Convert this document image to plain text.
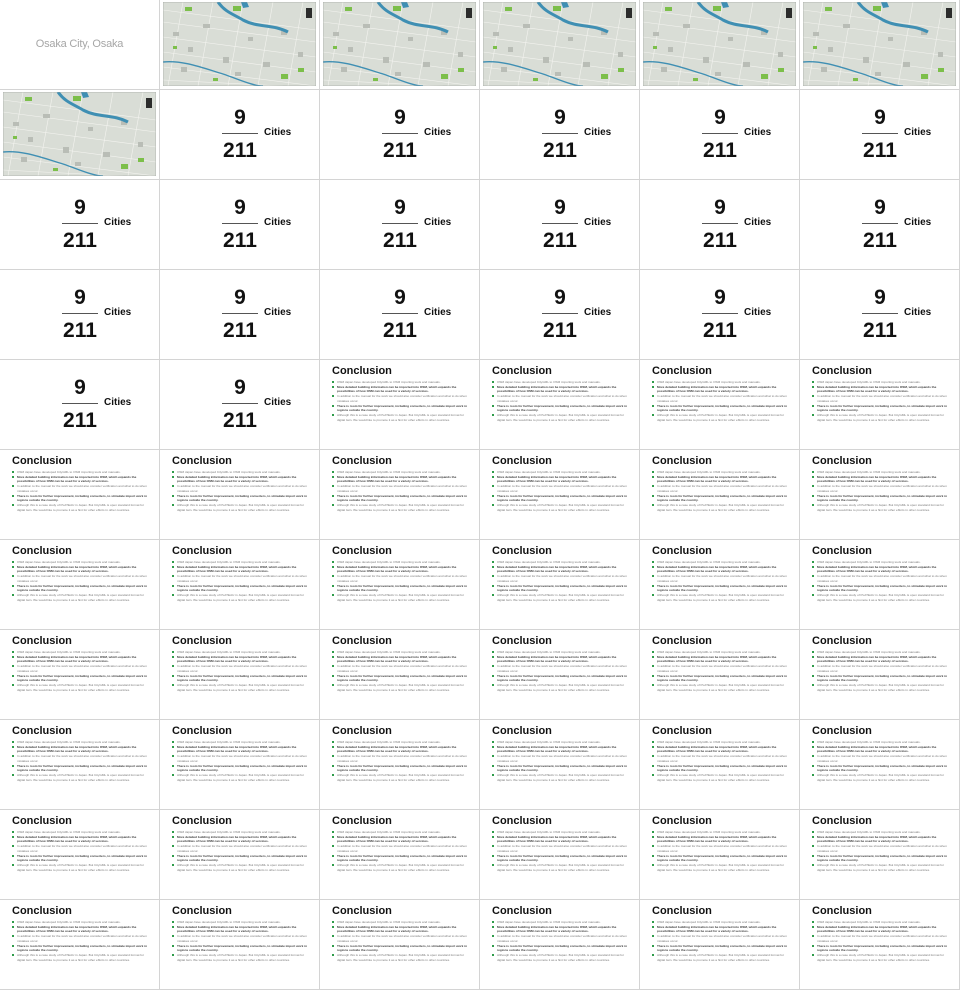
Osaka City, Osaka
9
211
Cities
9
211
Cities
9
211
Cities
9
211
Cities
9
211
Cities
9
211
Cities
9
211
Cities
9
211
Cities
9
211
Cities
9
211
Cities
9
211
Cities
9
211
Cities
9
211
Cities
9
211
Cities
9
211
Cities
9
211
Cities
9
211
Cities
9
211
Cities
9
211
Cities
Conclusion
OSM Japan have developed CityGML to OSM importing tools and manuals.
More detailed building information can be imported into OSM, which expands the possibilities of how OSM can be used for a variety of services.
In addition to the manual for the work we should also consider verification and what to do when mistakes occur.
There is room for further improvement, including converters, to stimulate import work in regions outside the country.
Although this is a case study of PLATEAU in Japan. But CityGML is open standard format for digital twin. We would like to promote it as a hint for other efforts in other countries.
Conclusion
OSM Japan have developed CityGML to OSM importing tools and manuals.
More detailed building information can be imported into OSM, which expands the possibilities of how OSM can be used for a variety of services.
In addition to the manual for the work we should also consider verification and what to do when mistakes occur.
There is room for further improvement, including converters, to stimulate import work in regions outside the country.
Although this is a case study of PLATEAU in Japan. But CityGML is open standard format for digital twin. We would like to promote it as a hint for other efforts in other countries.
Conclusion
OSM Japan have developed CityGML to OSM importing tools and manuals.
More detailed building information can be imported into OSM, which expands the possibilities of how OSM can be used for a variety of services.
In addition to the manual for the work we should also consider verification and what to do when mistakes occur.
There is room for further improvement, including converters, to stimulate import work in regions outside the country.
Although this is a case study of PLATEAU in Japan. But CityGML is open standard format for digital twin. We would like to promote it as a hint for other efforts in other countries.
Conclusion
OSM Japan have developed CityGML to OSM importing tools and manuals.
More detailed building information can be imported into OSM, which expands the possibilities of how OSM can be used for a variety of services.
In addition to the manual for the work we should also consider verification and what to do when mistakes occur.
There is room for further improvement, including converters, to stimulate import work in regions outside the country.
Although this is a case study of PLATEAU in Japan. But CityGML is open standard format for digital twin. We would like to promote it as a hint for other efforts in other countries.
Conclusion
OSM Japan have developed CityGML to OSM importing tools and manuals.
More detailed building information can be imported into OSM, which expands the possibilities of how OSM can be used for a variety of services.
In addition to the manual for the work we should also consider verification and what to do when mistakes occur.
There is room for further improvement, including converters, to stimulate import work in regions outside the country.
Although this is a case study of PLATEAU in Japan. But CityGML is open standard format for digital twin. We would like to promote it as a hint for other efforts in other countries.
Conclusion
OSM Japan have developed CityGML to OSM importing tools and manuals.
More detailed building information can be imported into OSM, which expands the possibilities of how OSM can be used for a variety of services.
In addition to the manual for the work we should also consider verification and what to do when mistakes occur.
There is room for further improvement, including converters, to stimulate import work in regions outside the country.
Although this is a case study of PLATEAU in Japan. But CityGML is open standard format for digital twin. We would like to promote it as a hint for other efforts in other countries.
Conclusion
OSM Japan have developed CityGML to OSM importing tools and manuals.
More detailed building information can be imported into OSM, which expands the possibilities of how OSM can be used for a variety of services.
In addition to the manual for the work we should also consider verification and what to do when mistakes occur.
There is room for further improvement, including converters, to stimulate import work in regions outside the country.
Although this is a case study of PLATEAU in Japan. But CityGML is open standard format for digital twin. We would like to promote it as a hint for other efforts in other countries.
Conclusion
OSM Japan have developed CityGML to OSM importing tools and manuals.
More detailed building information can be imported into OSM, which expands the possibilities of how OSM can be used for a variety of services.
In addition to the manual for the work we should also consider verification and what to do when mistakes occur.
There is room for further improvement, including converters, to stimulate import work in regions outside the country.
Although this is a case study of PLATEAU in Japan. But CityGML is open standard format for digital twin. We would like to promote it as a hint for other efforts in other countries.
Conclusion
OSM Japan have developed CityGML to OSM importing tools and manuals.
More detailed building information can be imported into OSM, which expands the possibilities of how OSM can be used for a variety of services.
In addition to the manual for the work we should also consider verification and what to do when mistakes occur.
There is room for further improvement, including converters, to stimulate import work in regions outside the country.
Although this is a case study of PLATEAU in Japan. But CityGML is open standard format for digital twin. We would like to promote it as a hint for other efforts in other countries.
Conclusion
OSM Japan have developed CityGML to OSM importing tools and manuals.
More detailed building information can be imported into OSM, which expands the possibilities of how OSM can be used for a variety of services.
In addition to the manual for the work we should also consider verification and what to do when mistakes occur.
There is room for further improvement, including converters, to stimulate import work in regions outside the country.
Although this is a case study of PLATEAU in Japan. But CityGML is open standard format for digital twin. We would like to promote it as a hint for other efforts in other countries.
Conclusion
OSM Japan have developed CityGML to OSM importing tools and manuals.
More detailed building information can be imported into OSM, which expands the possibilities of how OSM can be used for a variety of services.
In addition to the manual for the work we should also consider verification and what to do when mistakes occur.
There is room for further improvement, including converters, to stimulate import work in regions outside the country.
Although this is a case study of PLATEAU in Japan. But CityGML is open standard format for digital twin. We would like to promote it as a hint for other efforts in other countries.
Conclusion
OSM Japan have developed CityGML to OSM importing tools and manuals.
More detailed building information can be imported into OSM, which expands the possibilities of how OSM can be used for a variety of services.
In addition to the manual for the work we should also consider verification and what to do when mistakes occur.
There is room for further improvement, including converters, to stimulate import work in regions outside the country.
Although this is a case study of PLATEAU in Japan. But CityGML is open standard format for digital twin. We would like to promote it as a hint for other efforts in other countries.
Conclusion
OSM Japan have developed CityGML to OSM importing tools and manuals.
More detailed building information can be imported into OSM, which expands the possibilities of how OSM can be used for a variety of services.
In addition to the manual for the work we should also consider verification and what to do when mistakes occur.
There is room for further improvement, including converters, to stimulate import work in regions outside the country.
Although this is a case study of PLATEAU in Japan. But CityGML is open standard format for digital twin. We would like to promote it as a hint for other efforts in other countries.
Conclusion
OSM Japan have developed CityGML to OSM importing tools and manuals.
More detailed building information can be imported into OSM, which expands the possibilities of how OSM can be used for a variety of services.
In addition to the manual for the work we should also consider verification and what to do when mistakes occur.
There is room for further improvement, including converters, to stimulate import work in regions outside the country.
Although this is a case study of PLATEAU in Japan. But CityGML is open standard format for digital twin. We would like to promote it as a hint for other efforts in other countries.
Conclusion
OSM Japan have developed CityGML to OSM importing tools and manuals.
More detailed building information can be imported into OSM, which expands the possibilities of how OSM can be used for a variety of services.
In addition to the manual for the work we should also consider verification and what to do when mistakes occur.
There is room for further improvement, including converters, to stimulate import work in regions outside the country.
Although this is a case study of PLATEAU in Japan. But CityGML is open standard format for digital twin. We would like to promote it as a hint for other efforts in other countries.
Conclusion
OSM Japan have developed CityGML to OSM importing tools and manuals.
More detailed building information can be imported into OSM, which expands the possibilities of how OSM can be used for a variety of services.
In addition to the manual for the work we should also consider verification and what to do when mistakes occur.
There is room for further improvement, including converters, to stimulate import work in regions outside the country.
Although this is a case study of PLATEAU in Japan. But CityGML is open standard format for digital twin. We would like to promote it as a hint for other efforts in other countries.
Conclusion
OSM Japan have developed CityGML to OSM importing tools and manuals.
More detailed building information can be imported into OSM, which expands the possibilities of how OSM can be used for a variety of services.
In addition to the manual for the work we should also consider verification and what to do when mistakes occur.
There is room for further improvement, including converters, to stimulate import work in regions outside the country.
Although this is a case study of PLATEAU in Japan. But CityGML is open standard format for digital twin. We would like to promote it as a hint for other efforts in other countries.
Conclusion
OSM Japan have developed CityGML to OSM importing tools and manuals.
More detailed building information can be imported into OSM, which expands the possibilities of how OSM can be used for a variety of services.
In addition to the manual for the work we should also consider verification and what to do when mistakes occur.
There is room for further improvement, including converters, to stimulate import work in regions outside the country.
Although this is a case study of PLATEAU in Japan. But CityGML is open standard format for digital twin. We would like to promote it as a hint for other efforts in other countries.
Conclusion
OSM Japan have developed CityGML to OSM importing tools and manuals.
More detailed building information can be imported into OSM, which expands the possibilities of how OSM can be used for a variety of services.
In addition to the manual for the work we should also consider verification and what to do when mistakes occur.
There is room for further improvement, including converters, to stimulate import work in regions outside the country.
Although this is a case study of PLATEAU in Japan. But CityGML is open standard format for digital twin. We would like to promote it as a hint for other efforts in other countries.
Conclusion
OSM Japan have developed CityGML to OSM importing tools and manuals.
More detailed building information can be imported into OSM, which expands the possibilities of how OSM can be used for a variety of services.
In addition to the manual for the work we should also consider verification and what to do when mistakes occur.
There is room for further improvement, including converters, to stimulate import work in regions outside the country.
Although this is a case study of PLATEAU in Japan. But CityGML is open standard format for digital twin. We would like to promote it as a hint for other efforts in other countries.
Conclusion
OSM Japan have developed CityGML to OSM importing tools and manuals.
More detailed building information can be imported into OSM, which expands the possibilities of how OSM can be used for a variety of services.
In addition to the manual for the work we should also consider verification and what to do when mistakes occur.
There is room for further improvement, including converters, to stimulate import work in regions outside the country.
Although this is a case study of PLATEAU in Japan. But CityGML is open standard format for digital twin. We would like to promote it as a hint for other efforts in other countries.
Conclusion
OSM Japan have developed CityGML to OSM importing tools and manuals.
More detailed building information can be imported into OSM, which expands the possibilities of how OSM can be used for a variety of services.
In addition to the manual for the work we should also consider verification and what to do when mistakes occur.
There is room for further improvement, including converters, to stimulate import work in regions outside the country.
Although this is a case study of PLATEAU in Japan. But CityGML is open standard format for digital twin. We would like to promote it as a hint for other efforts in other countries.
Conclusion
OSM Japan have developed CityGML to OSM importing tools and manuals.
More detailed building information can be imported into OSM, which expands the possibilities of how OSM can be used for a variety of services.
In addition to the manual for the work we should also consider verification and what to do when mistakes occur.
There is room for further improvement, including converters, to stimulate import work in regions outside the country.
Although this is a case study of PLATEAU in Japan. But CityGML is open standard format for digital twin. We would like to promote it as a hint for other efforts in other countries.
Conclusion
OSM Japan have developed CityGML to OSM importing tools and manuals.
More detailed building information can be imported into OSM, which expands the possibilities of how OSM can be used for a variety of services.
In addition to the manual for the work we should also consider verification and what to do when mistakes occur.
There is room for further improvement, including converters, to stimulate import work in regions outside the country.
Although this is a case study of PLATEAU in Japan. But CityGML is open standard format for digital twin. We would like to promote it as a hint for other efforts in other countries.
Conclusion
OSM Japan have developed CityGML to OSM importing tools and manuals.
More detailed building information can be imported into OSM, which expands the possibilities of how OSM can be used for a variety of services.
In addition to the manual for the work we should also consider verification and what to do when mistakes occur.
There is room for further improvement, including converters, to stimulate import work in regions outside the country.
Although this is a case study of PLATEAU in Japan. But CityGML is open standard format for digital twin. We would like to promote it as a hint for other efforts in other countries.
Conclusion
OSM Japan have developed CityGML to OSM importing tools and manuals.
More detailed building information can be imported into OSM, which expands the possibilities of how OSM can be used for a variety of services.
In addition to the manual for the work we should also consider verification and what to do when mistakes occur.
There is room for further improvement, including converters, to stimulate import work in regions outside the country.
Although this is a case study of PLATEAU in Japan. But CityGML is open standard format for digital twin. We would like to promote it as a hint for other efforts in other countries.
Conclusion
OSM Japan have developed CityGML to OSM importing tools and manuals.
More detailed building information can be imported into OSM, which expands the possibilities of how OSM can be used for a variety of services.
In addition to the manual for the work we should also consider verification and what to do when mistakes occur.
There is room for further improvement, including converters, to stimulate import work in regions outside the country.
Although this is a case study of PLATEAU in Japan. But CityGML is open standard format for digital twin. We would like to promote it as a hint for other efforts in other countries.
Conclusion
OSM Japan have developed CityGML to OSM importing tools and manuals.
More detailed building information can be imported into OSM, which expands the possibilities of how OSM can be used for a variety of services.
In addition to the manual for the work we should also consider verification and what to do when mistakes occur.
There is room for further improvement, including converters, to stimulate import work in regions outside the country.
Although this is a case study of PLATEAU in Japan. But CityGML is open standard format for digital twin. We would like to promote it as a hint for other efforts in other countries.
Conclusion
OSM Japan have developed CityGML to OSM importing tools and manuals.
More detailed building information can be imported into OSM, which expands the possibilities of how OSM can be used for a variety of services.
In addition to the manual for the work we should also consider verification and what to do when mistakes occur.
There is room for further improvement, including converters, to stimulate import work in regions outside the country.
Although this is a case study of PLATEAU in Japan. But CityGML is open standard format for digital twin. We would like to promote it as a hint for other efforts in other countries.
Conclusion
OSM Japan have developed CityGML to OSM importing tools and manuals.
More detailed building information can be imported into OSM, which expands the possibilities of how OSM can be used for a variety of services.
In addition to the manual for the work we should also consider verification and what to do when mistakes occur.
There is room for further improvement, including converters, to stimulate import work in regions outside the country.
Although this is a case study of PLATEAU in Japan. But CityGML is open standard format for digital twin. We would like to promote it as a hint for other efforts in other countries.
Conclusion
OSM Japan have developed CityGML to OSM importing tools and manuals.
More detailed building information can be imported into OSM, which expands the possibilities of how OSM can be used for a variety of services.
In addition to the manual for the work we should also consider verification and what to do when mistakes occur.
There is room for further improvement, including converters, to stimulate import work in regions outside the country.
Although this is a case study of PLATEAU in Japan. But CityGML is open standard format for digital twin. We would like to promote it as a hint for other efforts in other countries.
Conclusion
OSM Japan have developed CityGML to OSM importing tools and manuals.
More detailed building information can be imported into OSM, which expands the possibilities of how OSM can be used for a variety of services.
In addition to the manual for the work we should also consider verification and what to do when mistakes occur.
There is room for further improvement, including converters, to stimulate import work in regions outside the country.
Although this is a case study of PLATEAU in Japan. But CityGML is open standard format for digital twin. We would like to promote it as a hint for other efforts in other countries.
Conclusion
OSM Japan have developed CityGML to OSM importing tools and manuals.
More detailed building information can be imported into OSM, which expands the possibilities of how OSM can be used for a variety of services.
In addition to the manual for the work we should also consider verification and what to do when mistakes occur.
There is room for further improvement, including converters, to stimulate import work in regions outside the country.
Although this is a case study of PLATEAU in Japan. But CityGML is open standard format for digital twin. We would like to promote it as a hint for other efforts in other countries.
Conclusion
OSM Japan have developed CityGML to OSM importing tools and manuals.
More detailed building information can be imported into OSM, which expands the possibilities of how OSM can be used for a variety of services.
In addition to the manual for the work we should also consider verification and what to do when mistakes occur.
There is room for further improvement, including converters, to stimulate import work in regions outside the country.
Although this is a case study of PLATEAU in Japan. But CityGML is open standard format for digital twin. We would like to promote it as a hint for other efforts in other countries.
Conclusion
OSM Japan have developed CityGML to OSM importing tools and manuals.
More detailed building information can be imported into OSM, which expands the possibilities of how OSM can be used for a variety of services.
In addition to the manual for the work we should also consider verification and what to do when mistakes occur.
There is room for further improvement, including converters, to stimulate import work in regions outside the country.
Although this is a case study of PLATEAU in Japan. But CityGML is open standard format for digital twin. We would like to promote it as a hint for other efforts in other countries.
Conclusion
OSM Japan have developed CityGML to OSM importing tools and manuals.
More detailed building information can be imported into OSM, which expands the possibilities of how OSM can be used for a variety of services.
In addition to the manual for the work we should also consider verification and what to do when mistakes occur.
There is room for further improvement, including converters, to stimulate import work in regions outside the country.
Although this is a case study of PLATEAU in Japan. But CityGML is open standard format for digital twin. We would like to promote it as a hint for other efforts in other countries.
Conclusion
OSM Japan have developed CityGML to OSM importing tools and manuals.
More detailed building information can be imported into OSM, which expands the possibilities of how OSM can be used for a variety of services.
In addition to the manual for the work we should also consider verification and what to do when mistakes occur.
There is room for further improvement, including converters, to stimulate import work in regions outside the country.
Although this is a case study of PLATEAU in Japan. But CityGML is open standard format for digital twin. We would like to promote it as a hint for other efforts in other countries.
Conclusion
OSM Japan have developed CityGML to OSM importing tools and manuals.
More detailed building information can be imported into OSM, which expands the possibilities of how OSM can be used for a variety of services.
In addition to the manual for the work we should also consider verification and what to do when mistakes occur.
There is room for further improvement, including converters, to stimulate import work in regions outside the country.
Although this is a case study of PLATEAU in Japan. But CityGML is open standard format for digital twin. We would like to promote it as a hint for other efforts in other countries.
Conclusion
OSM Japan have developed CityGML to OSM importing tools and manuals.
More detailed building information can be imported into OSM, which expands the possibilities of how OSM can be used for a variety of services.
In addition to the manual for the work we should also consider verification and what to do when mistakes occur.
There is room for further improvement, including converters, to stimulate import work in regions outside the country.
Although this is a case study of PLATEAU in Japan. But CityGML is open standard format for digital twin. We would like to promote it as a hint for other efforts in other countries.
Conclusion
OSM Japan have developed CityGML to OSM importing tools and manuals.
More detailed building information can be imported into OSM, which expands the possibilities of how OSM can be used for a variety of services.
In addition to the manual for the work we should also consider verification and what to do when mistakes occur.
There is room for further improvement, including converters, to stimulate import work in regions outside the country.
Although this is a case study of PLATEAU in Japan. But CityGML is open standard format for digital twin. We would like to promote it as a hint for other efforts in other countries.
